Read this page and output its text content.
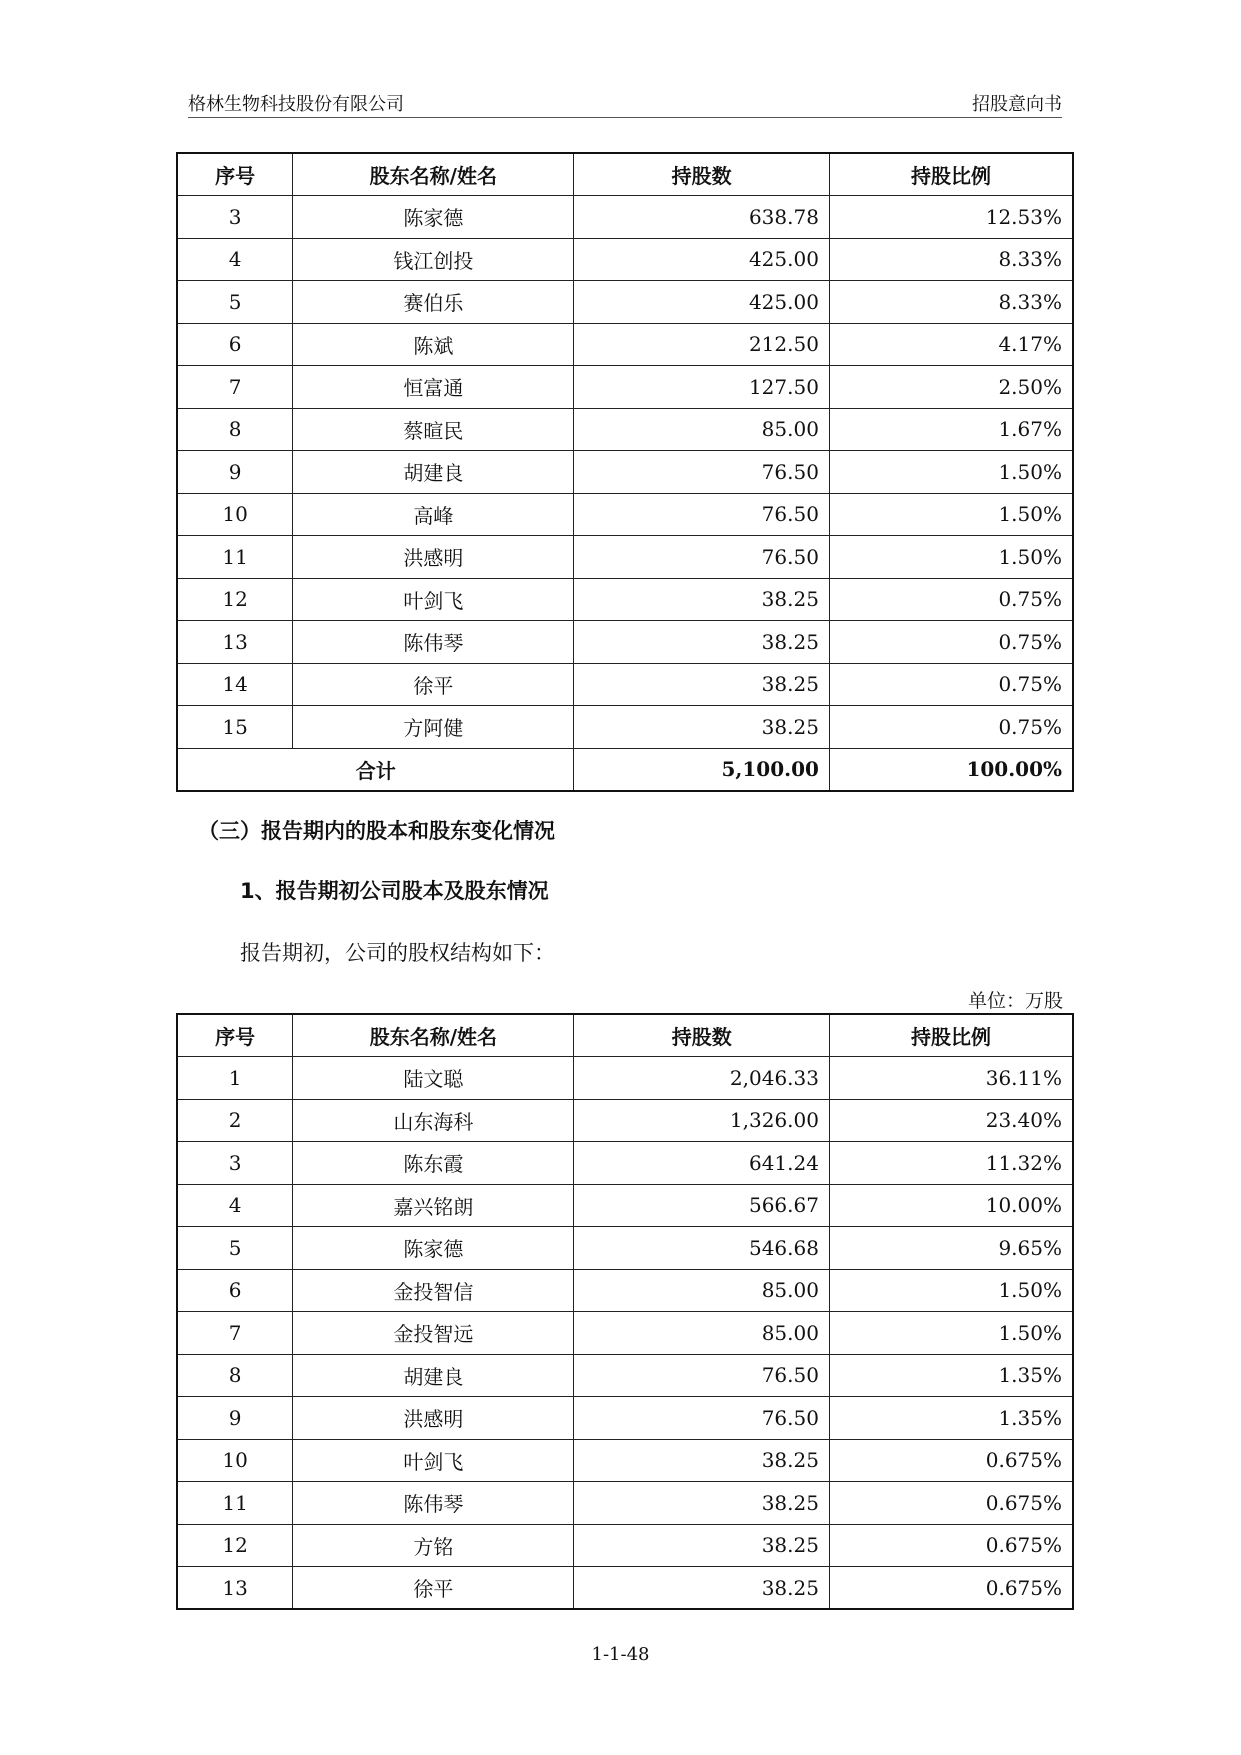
格林生物科技股份有限公司	招股意向书
序号	股东名称/姓名	持股数	持股比例
3	陈家德	638.78	12.53%
4	钱江创投	425.00	8.33%
5	赛伯乐	425.00	8.33%
6	陈斌	212.50	4.17%
7	恒富通	127.50	2.50%
8	蔡暄民	85.00	1.67%
9	胡建良	76.50	1.50%
10	高峰	76.50	1.50%
11	洪感明	76.50	1.50%
12	叶剑飞	38.25	0.75%
13	陈伟琴	38.25	0.75%
14	徐平	38.25	0.75%
15	方阿健	38.25	0.75%
合计		5,100.00	100.00%
（三）报告期内的股本和股东变化情况
1、报告期初公司股本及股东情况
报告期初，公司的股权结构如下：
单位：万股
序号	股东名称/姓名	持股数	持股比例
1	陆文聪	2,046.33	36.11%
2	山东海科	1,326.00	23.40%
3	陈东霞	641.24	11.32%
4	嘉兴铭朗	566.67	10.00%
5	陈家德	546.68	9.65%
6	金投智信	85.00	1.50%
7	金投智远	85.00	1.50%
8	胡建良	76.50	1.35%
9	洪感明	76.50	1.35%
10	叶剑飞	38.25	0.675%
11	陈伟琴	38.25	0.675%
12	方铭	38.25	0.675%
13	徐平	38.25	0.675%
1-1-48
